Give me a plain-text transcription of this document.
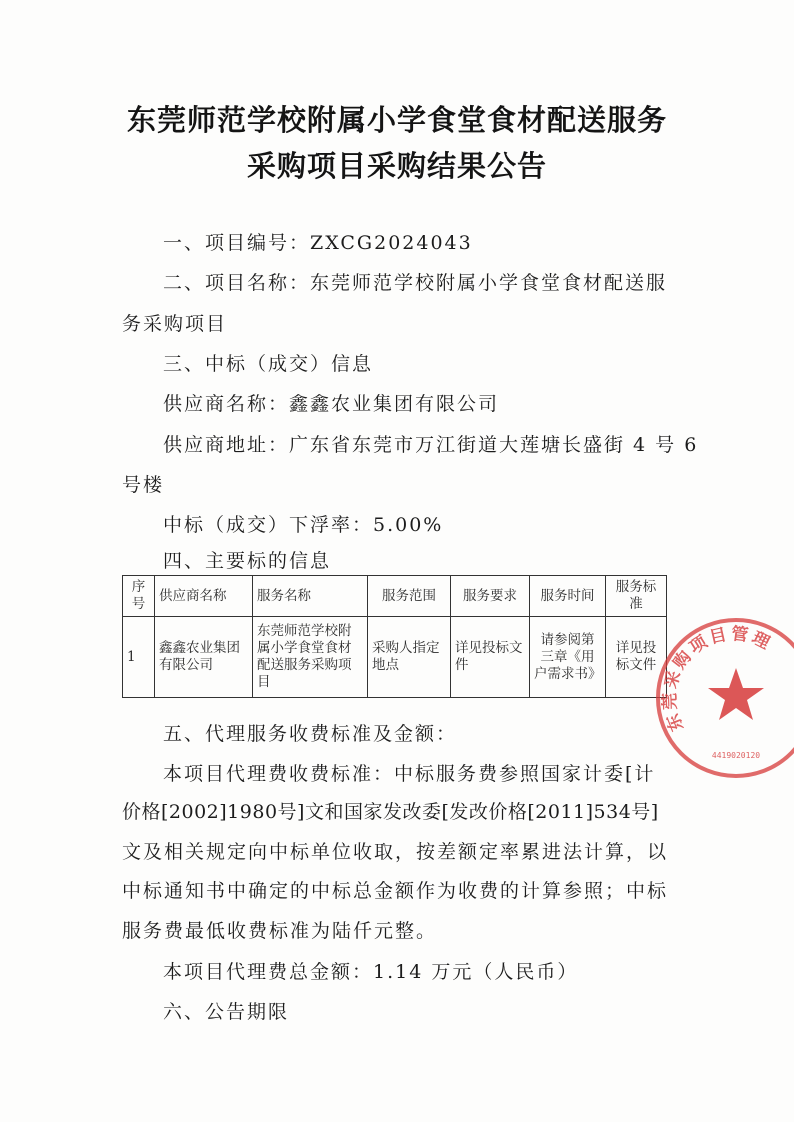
东莞师范学校附属小学食堂食材配送服务
采购项目采购结果公告
一、项目编号：ZXCG2024043
二、项目名称：东莞师范学校附属小学食堂食材配送服
务采购项目
三、中标（成交）信息
供应商名称：鑫鑫农业集团有限公司
供应商地址：广东省东莞市万江街道大莲塘长盛街 4 号 6
号楼
中标（成交）下浮率：5.00%
四、主要标的信息
序号	供应商名称	服务名称	服务范围	服务要求	服务时间	服务标准
1	鑫鑫农业集团有限公司	东莞师范学校附属小学食堂食材配送服务采购项目	采购人指定地点	详见投标文件	请参阅第三章《用户需求书》	详见投标文件
五、代理服务收费标准及金额：
本项目代理费收费标准：中标服务费参照国家计委[计
价格[2002]1980号]文和国家发改委[发改价格[2011]534号]
文及相关规定向中标单位收取，按差额定率累进法计算，以
中标通知书中确定的中标总金额作为收费的计算参照；中标
服务费最低收费标准为陆仟元整。
本项目代理费总金额：1.14 万元（人民币）
六、公告期限
东莞采购项目管理
4419020120
